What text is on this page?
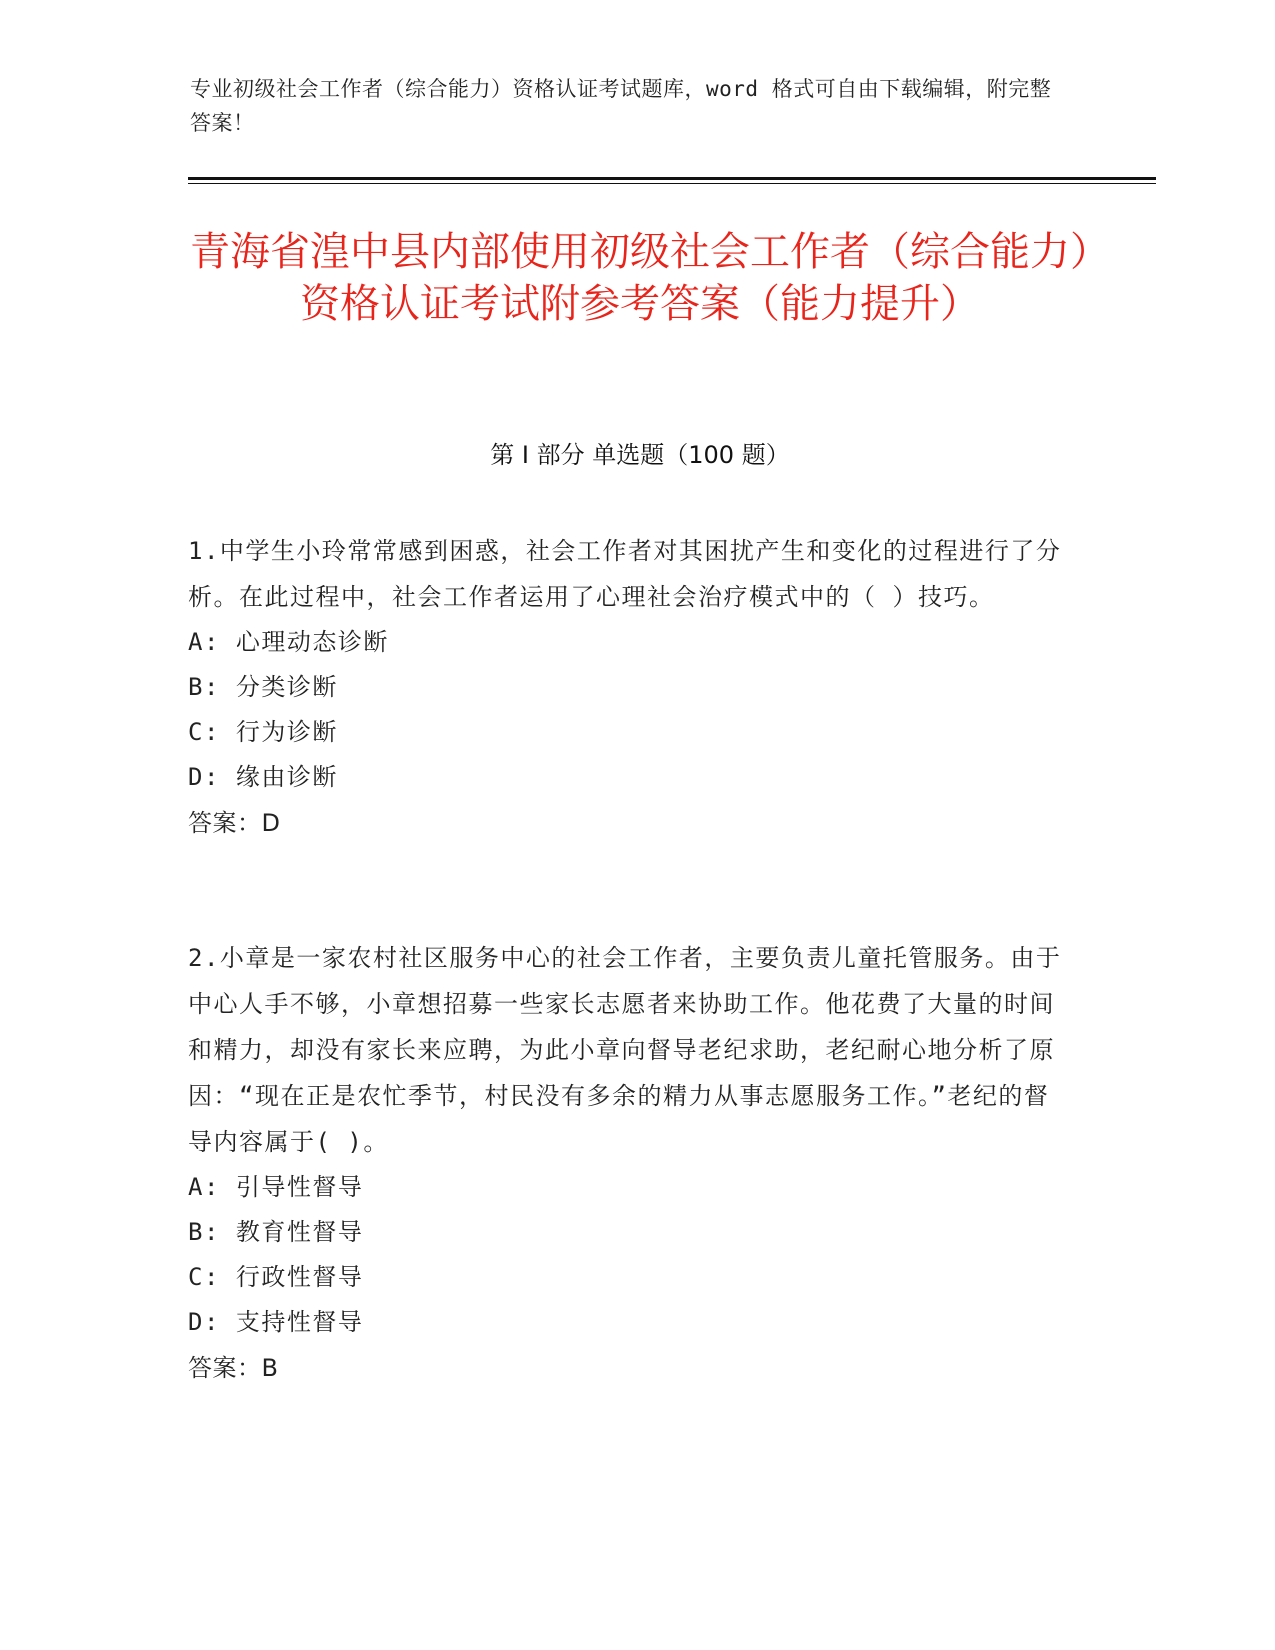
专业初级社会工作者（综合能力）资格认证考试题库，word 格式可自由下载编辑，附完整答案！
青海省湟中县内部使用初级社会工作者（综合能力）资格认证考试附参考答案（能力提升）
第 I 部分 单选题（100 题）
1.中学生小玲常常感到困惑，社会工作者对其困扰产生和变化的过程进行了分析。在此过程中，社会工作者运用了心理社会治疗模式中的（ ）技巧。
A: 心理动态诊断
B: 分类诊断
C: 行为诊断
D: 缘由诊断
答案：D
2.小章是一家农村社区服务中心的社会工作者，主要负责儿童托管服务。由于中心人手不够，小章想招募一些家长志愿者来协助工作。他花费了大量的时间和精力，却没有家长来应聘，为此小章向督导老纪求助，老纪耐心地分析了原因：“现在正是农忙季节，村民没有多余的精力从事志愿服务工作。”老纪的督导内容属于( )。
A: 引导性督导
B: 教育性督导
C: 行政性督导
D: 支持性督导
答案：B
